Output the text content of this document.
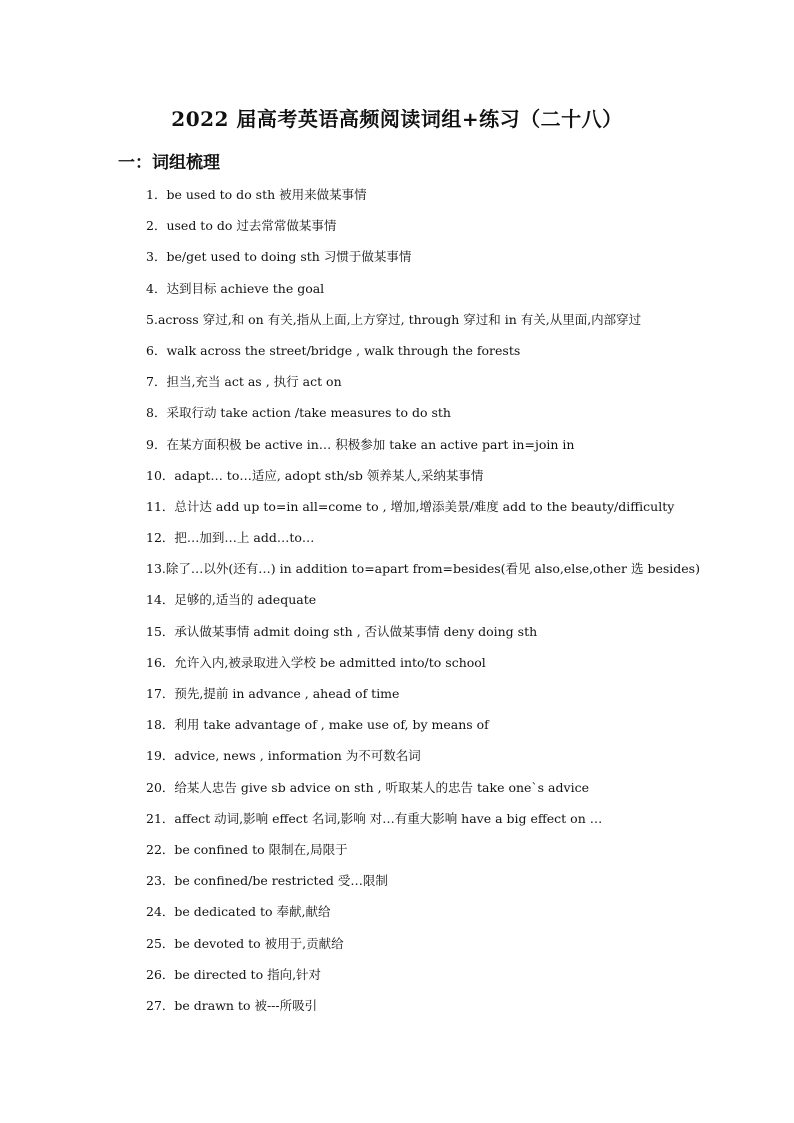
2022 届高考英语高频阅读词组+练习（二十八）
一：词组梳理
1．be used to do sth 被用来做某事情
2．used to do 过去常常做某事情
3．be/get used to doing sth 习惯于做某事情
4．达到目标 achieve the goal
5.across 穿过,和 on 有关,指从上面,上方穿过, through 穿过和 in 有关,从里面,内部穿过
6．walk across the street/bridge , walk through the forests
7．担当,充当 act as , 执行 act on
8．采取行动 take action /take measures to do sth
9．在某方面积极 be active in… 积极参加 take an active part in=join in
10．adapt… to…适应, adopt sth/sb 领养某人,采纳某事情
11．总计达 add up to=in all=come to , 增加,增添美景/难度 add to the beauty/difficulty
12．把…加到…上 add…to…
13.除了…以外(还有…) in addition to=apart from=besides(看见 also,else,other 选 besides)
14．足够的,适当的 adequate
15．承认做某事情 admit doing sth , 否认做某事情 deny doing sth
16．允许入内,被录取进入学校 be admitted into/to school
17．预先,提前 in advance , ahead of time
18．利用 take advantage of , make use of, by means of
19．advice, news , information 为不可数名词
20．给某人忠告 give sb advice on sth , 听取某人的忠告 take one`s advice
21．affect 动词,影响 effect 名词,影响 对…有重大影响 have a big effect on …
22．be confined to 限制在,局限于
23．be confined/be restricted 受…限制
24．be dedicated to 奉献,献给
25．be devoted to 被用于,贡献给
26．be directed to 指向,针对
27．be drawn to 被---所吸引
